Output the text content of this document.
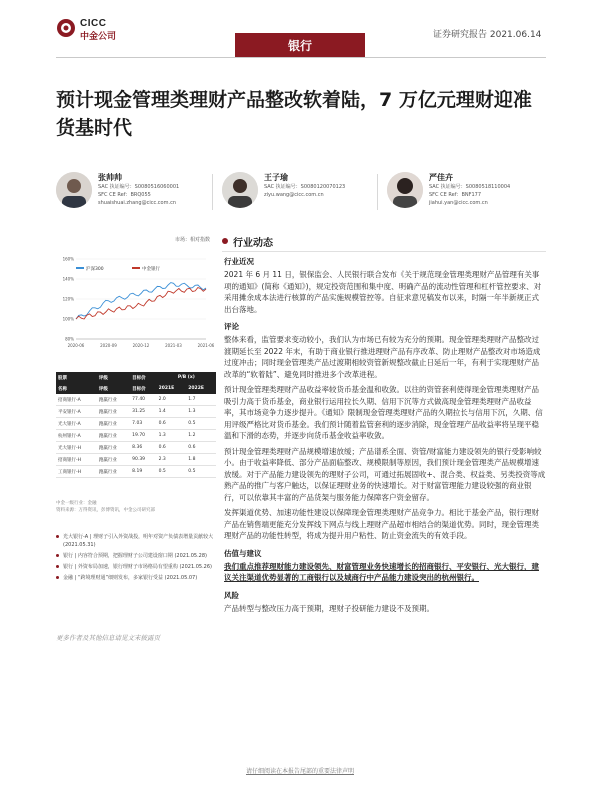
CICC
中金公司
银行
证券研究报告 2021.06.14
预计现金管理类理财产品整改软着陆，7 万亿元理财迎准货基时代
张帅帅
SAC 执证编号：S0080516060001
SFC CE Ref：BRQ055
shuaishuai.zhang@cicc.com.cn
王子瑜
SAC 执证编号：S0080120070123
ziyu.wang@cicc.com.cn
严佳卉
SAC 执证编号：S0080518110004
SFC CE Ref：BNF177
jiahui.yan@cicc.com.cn
市场：相对指数
160%
140%
120%
100%
80%
沪深300	中金银行
2020-06	2020-09	2020-12	2021-03	2021-06
股票	评级	目标价	P/B (x)	
名称	评级	目标价	2021E	2022E
招商银行-A	跑赢行业	77.40	2.0	1.7
平安银行-A	跑赢行业	31.25	1.4	1.3
光大银行-A	跑赢行业	7.03	0.6	0.5
杭州银行-A	跑赢行业	19.70	1.3	1.2
光大银行-H	跑赢行业	8.36	0.6	0.6
招商银行-H	跑赢行业	90.39	2.3	1.8
工商银行-H	跑赢行业	8.19	0.5	0.5
中金一级行业：金融
资料来源：万得资讯，彭博资讯，中金公司研究部
光大银行-A | 理财子引入外资战投，明年对资产负债表增量贡献较大 (2021.05.31)
银行 | 内容符合预期，把握理财子公司建设窗口期 (2021.05.28)
银行 | 外资布局加速，银行理财子市场格局有望重构 (2021.05.26)
金融 | “跨境理财通”细则发布，多家银行受益 (2021.05.07)
更多作者及其他信息请见文末披露页
行业动态
行业近况
2021 年 6 月 11 日，银保监会、人民银行联合发布《关于规范现金管理类理财产品管理有关事项的通知》(简称《通知》)，规定投资范围和集中度、明确产品的流动性管理和杠杆管控要求、对采用摊余成本法进行核算的产品实施规模管控等。自征求意见稿发布以来，时隔一年半新规正式出台落地。
评论
整体来看，监管要求变动较小，我们认为市场已有较为充分的预期。现金管理类理财产品整改过渡期延长至 2022 年末，有助于商业银行推进理财产品有序改革、防止理财产品整改对市场造成过度冲击；同时现金管理类产品过渡期相较资管新规整改截止日延后一年，有利于实现理财产品改革的“软着陆”、避免同时推进多个改革进程。
预计现金管理类理财产品收益率较货币基金温和收敛。以往的资管套利使得现金管理类理财产品吸引力高于货币基金，商业银行运用拉长久期、信用下沉等方式做高现金管理类理财产品收益率，其市场竞争力逐步提升。《通知》限制现金管理类理财产品的久期拉长与信用下沉，久期、信用评级严格比对货币基金。我们预计随着监管套利的逐步消除，现金管理产品收益率将呈现平稳温和下滑的态势，并逐步向货币基金收益率收敛。
预计现金管理类理财产品规模增速放缓；产品谱系全面、资管/财富能力建设领先的银行受影响较小。由于收益率降低、部分产品面临整改、规模限制等原因，我们预计现金管理类产品规模增速放缓。对于产品能力建设领先的理财子公司，可通过拓展固收+、混合类、权益类、另类投资等成熟产品的推广与客户触达，以保证理财业务的快速增长。对于财富管理能力建设较强的商业银行，可以依靠其丰富的产品货架与服务能力保障客户资金留存。
发挥渠道优势、加速功能性建设以保障现金管理类理财产品竞争力。相比于基金产品，银行理财产品在销售端更能充分发挥线下网点与线上理财产品超市相结合的渠道优势。同时，现金管理类理财产品的功能性转型，将成为提升用户粘性、防止资金流失的有效手段。
估值与建议
我们重点推荐理财能力建设领先、财富管理业务快速增长的招商银行、平安银行、光大银行，建议关注渠道优势显著的工商银行以及城商行中产品能力建设突出的杭州银行。
风险
产品转型与整改压力高于预期，理财子投研能力建设不及预期。
请仔细阅读在本报告尾部的重要法律声明
